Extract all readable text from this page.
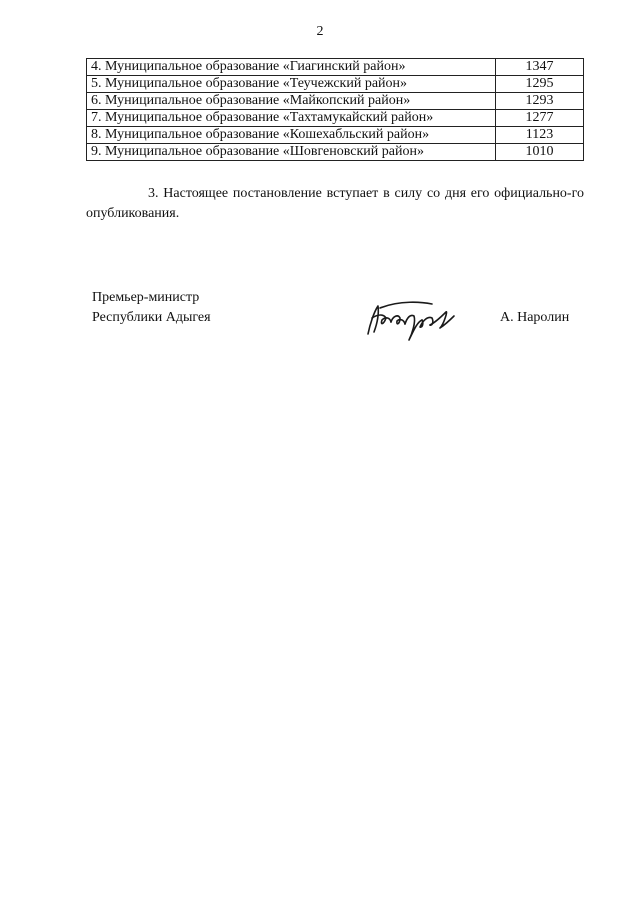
2
4. Муниципальное образование «Гиагинский район»	1347
5. Муниципальное образование «Теучежский район»	1295
6. Муниципальное образование «Майкопский район»	1293
7. Муниципальное образование «Тахтамукайский район»	1277
8. Муниципальное образование «Кошехабльский район»	1123
9. Муниципальное образование «Шовгеновский район»	1010
3. Настоящее постановление вступает в силу со дня его официально-го опубликования.
Премьер-министр
Республики Адыгея	А. Наролин
